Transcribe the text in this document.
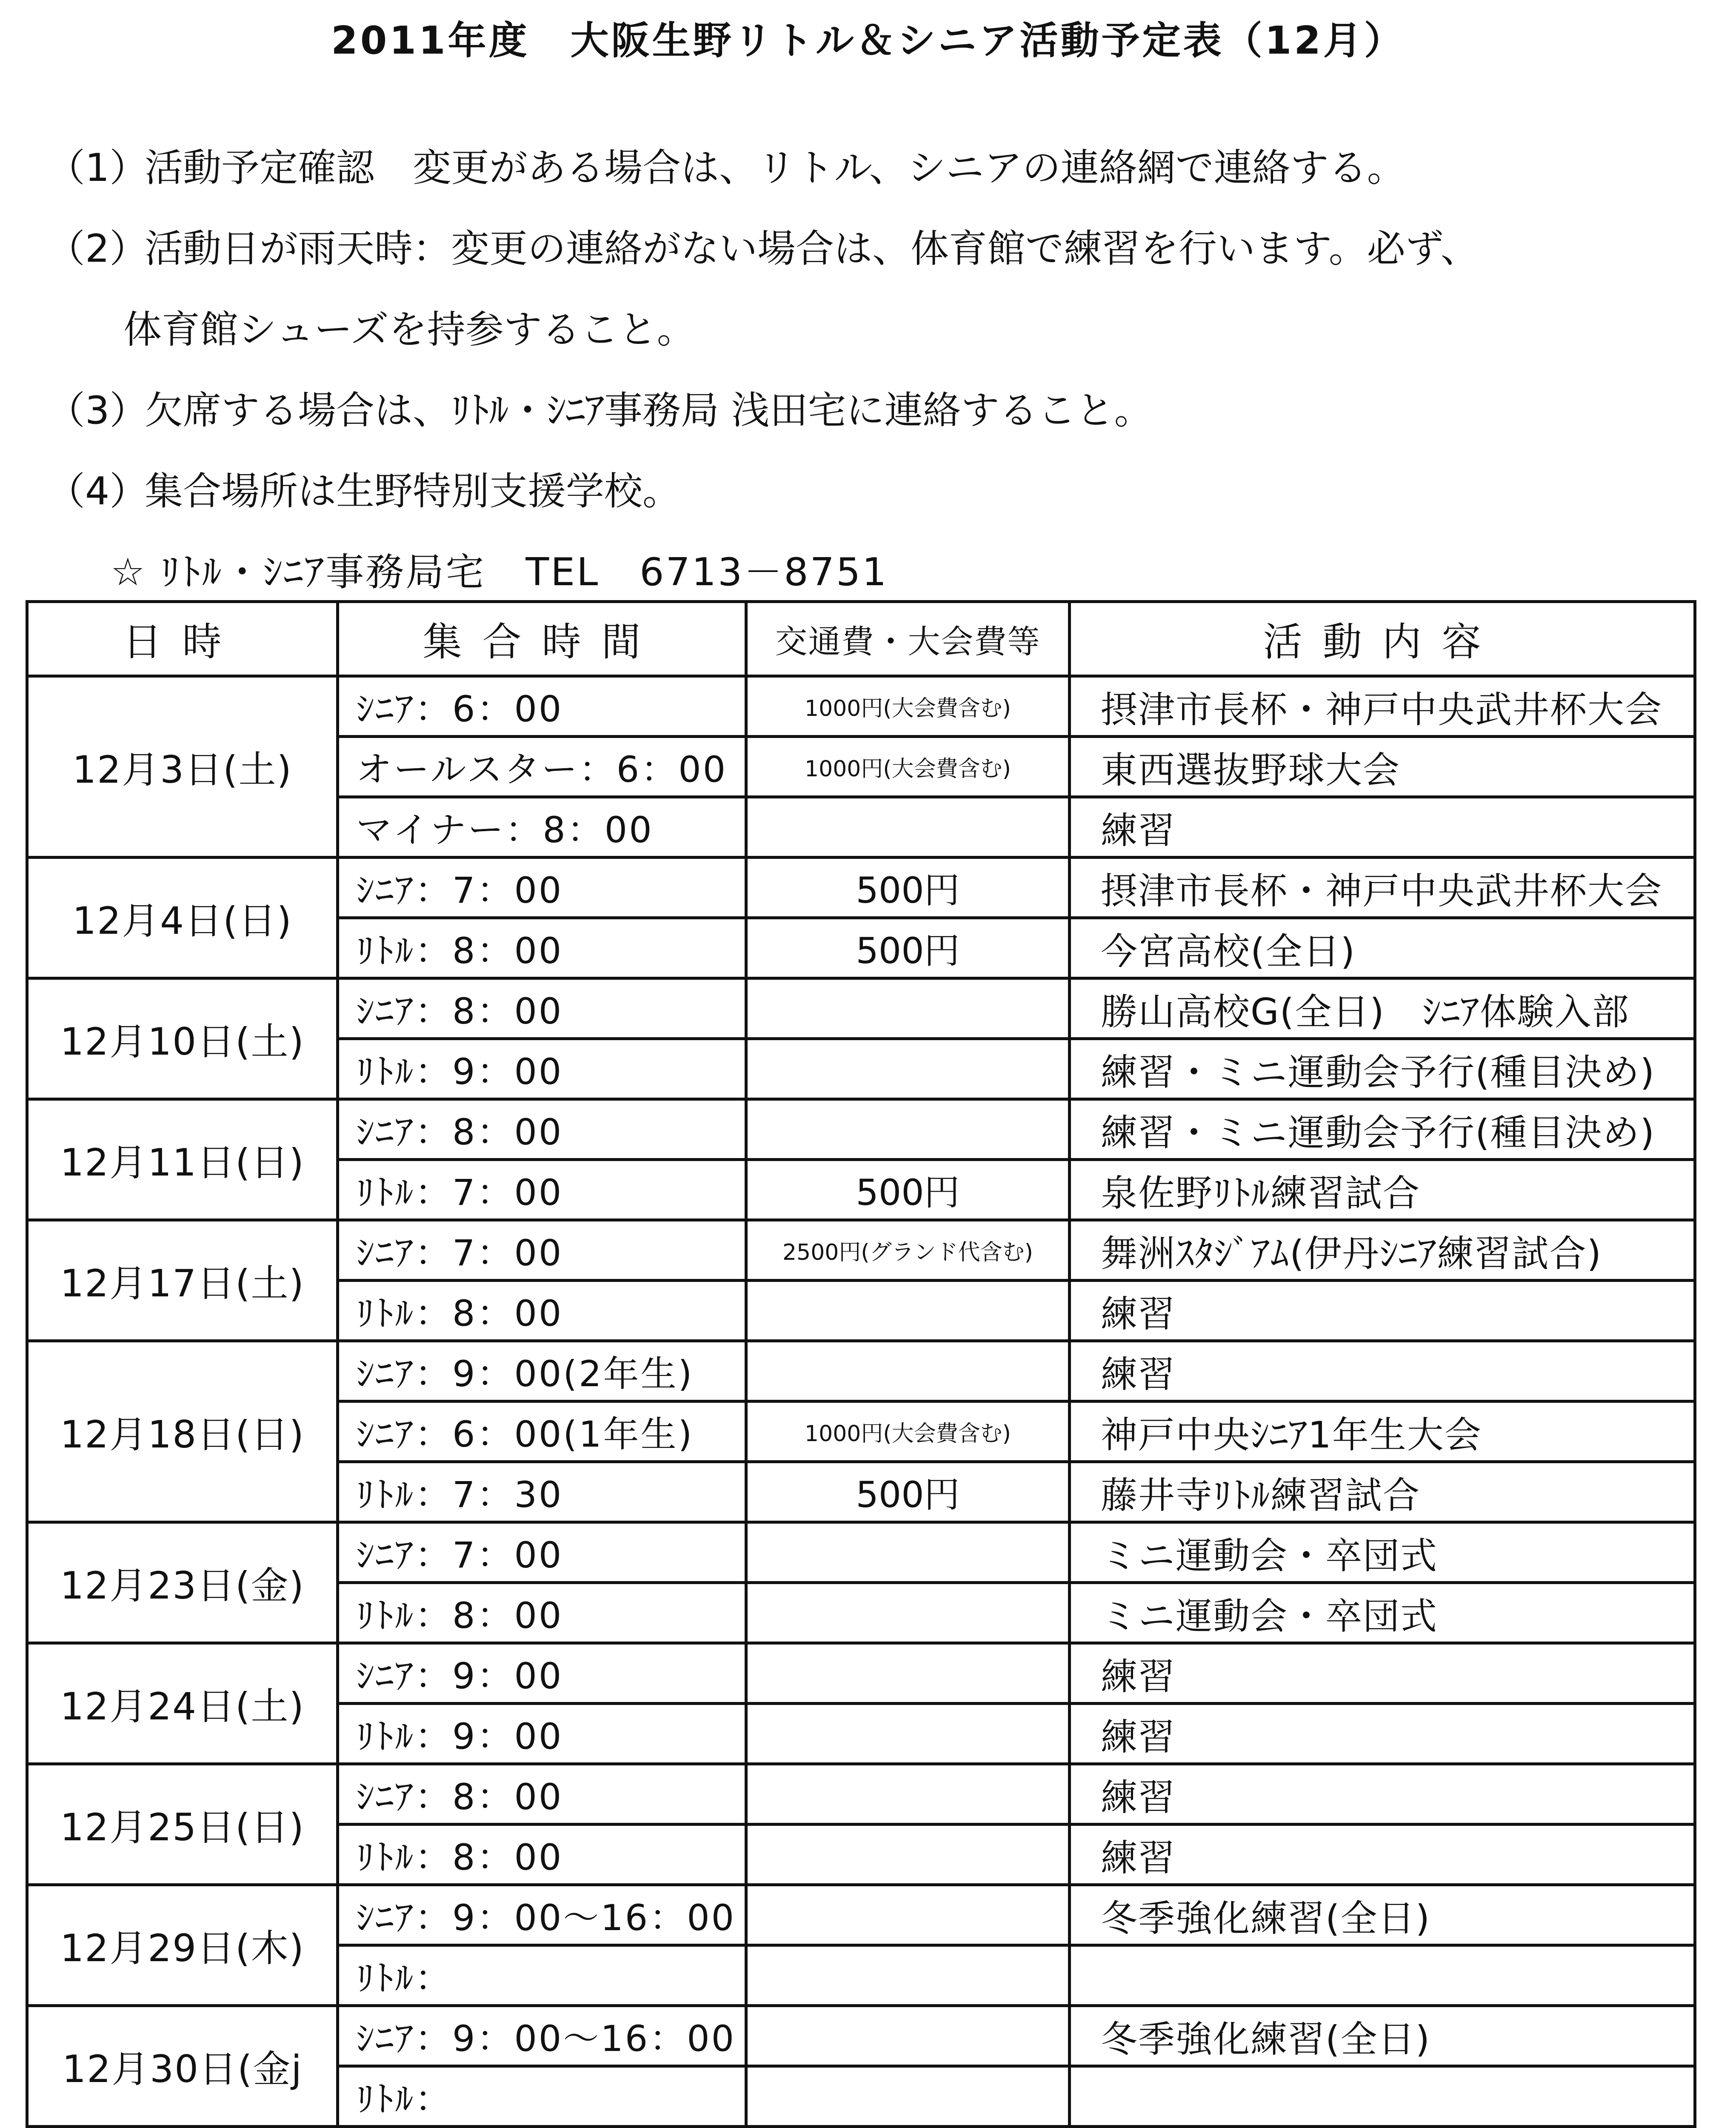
2011年度　大阪生野リトル＆シニア活動予定表（12月）
（1）
活動予定確認　変更がある場合は、リトル、シニアの連絡網で連絡する。
（2）
活動日が雨天時：変更の連絡がない場合は、体育館で練習を行います。必ず、
体育館シューズを持参すること。
（3）
欠席する場合は、ﾘﾄﾙ・ｼﾆｱ事務局 浅田宅に連絡すること。
（4）
集合場所は生野特別支援学校。
☆ ﾘﾄﾙ・ｼﾆｱ事務局宅　TEL　6713－8751
日時	集合時間	交通費・大会費等	活動内容
12月3日(土)	ｼﾆｱ：6：00	1000円(大会費含む)	摂津市長杯・神戸中央武井杯大会
	オールスター：6：00	1000円(大会費含む)	東西選抜野球大会
	マイナー：8：00		練習
12月4日(日)	ｼﾆｱ：7：00	500円	摂津市長杯・神戸中央武井杯大会
	ﾘﾄﾙ：8：00	500円	今宮高校(全日)
12月10日(土)	ｼﾆｱ：8：00		勝山高校G(全日)　ｼﾆｱ体験入部
	ﾘﾄﾙ：9：00		練習・ミニ運動会予行(種目決め)
12月11日(日)	ｼﾆｱ：8：00		練習・ミニ運動会予行(種目決め)
	ﾘﾄﾙ：7：00	500円	泉佐野ﾘﾄﾙ練習試合
12月17日(土)	ｼﾆｱ：7：00	2500円(グランド代含む)	舞洲ｽﾀｼﾞｱﾑ(伊丹ｼﾆｱ練習試合)
	ﾘﾄﾙ：8：00		練習
12月18日(日)	ｼﾆｱ：9：00(2年生)		練習
	ｼﾆｱ：6：00(1年生)	1000円(大会費含む)	神戸中央ｼﾆｱ1年生大会
	ﾘﾄﾙ：7：30	500円	藤井寺ﾘﾄﾙ練習試合
12月23日(金)	ｼﾆｱ：7：00		ミニ運動会・卒団式
	ﾘﾄﾙ：8：00		ミニ運動会・卒団式
12月24日(土)	ｼﾆｱ：9：00		練習
	ﾘﾄﾙ：9：00		練習
12月25日(日)	ｼﾆｱ：8：00		練習
	ﾘﾄﾙ：8：00		練習
12月29日(木)	ｼﾆｱ：9：00～16：00		冬季強化練習(全日)
	ﾘﾄﾙ：		
12月30日(金j	ｼﾆｱ：9：00～16：00		冬季強化練習(全日)
	ﾘﾄﾙ：		
